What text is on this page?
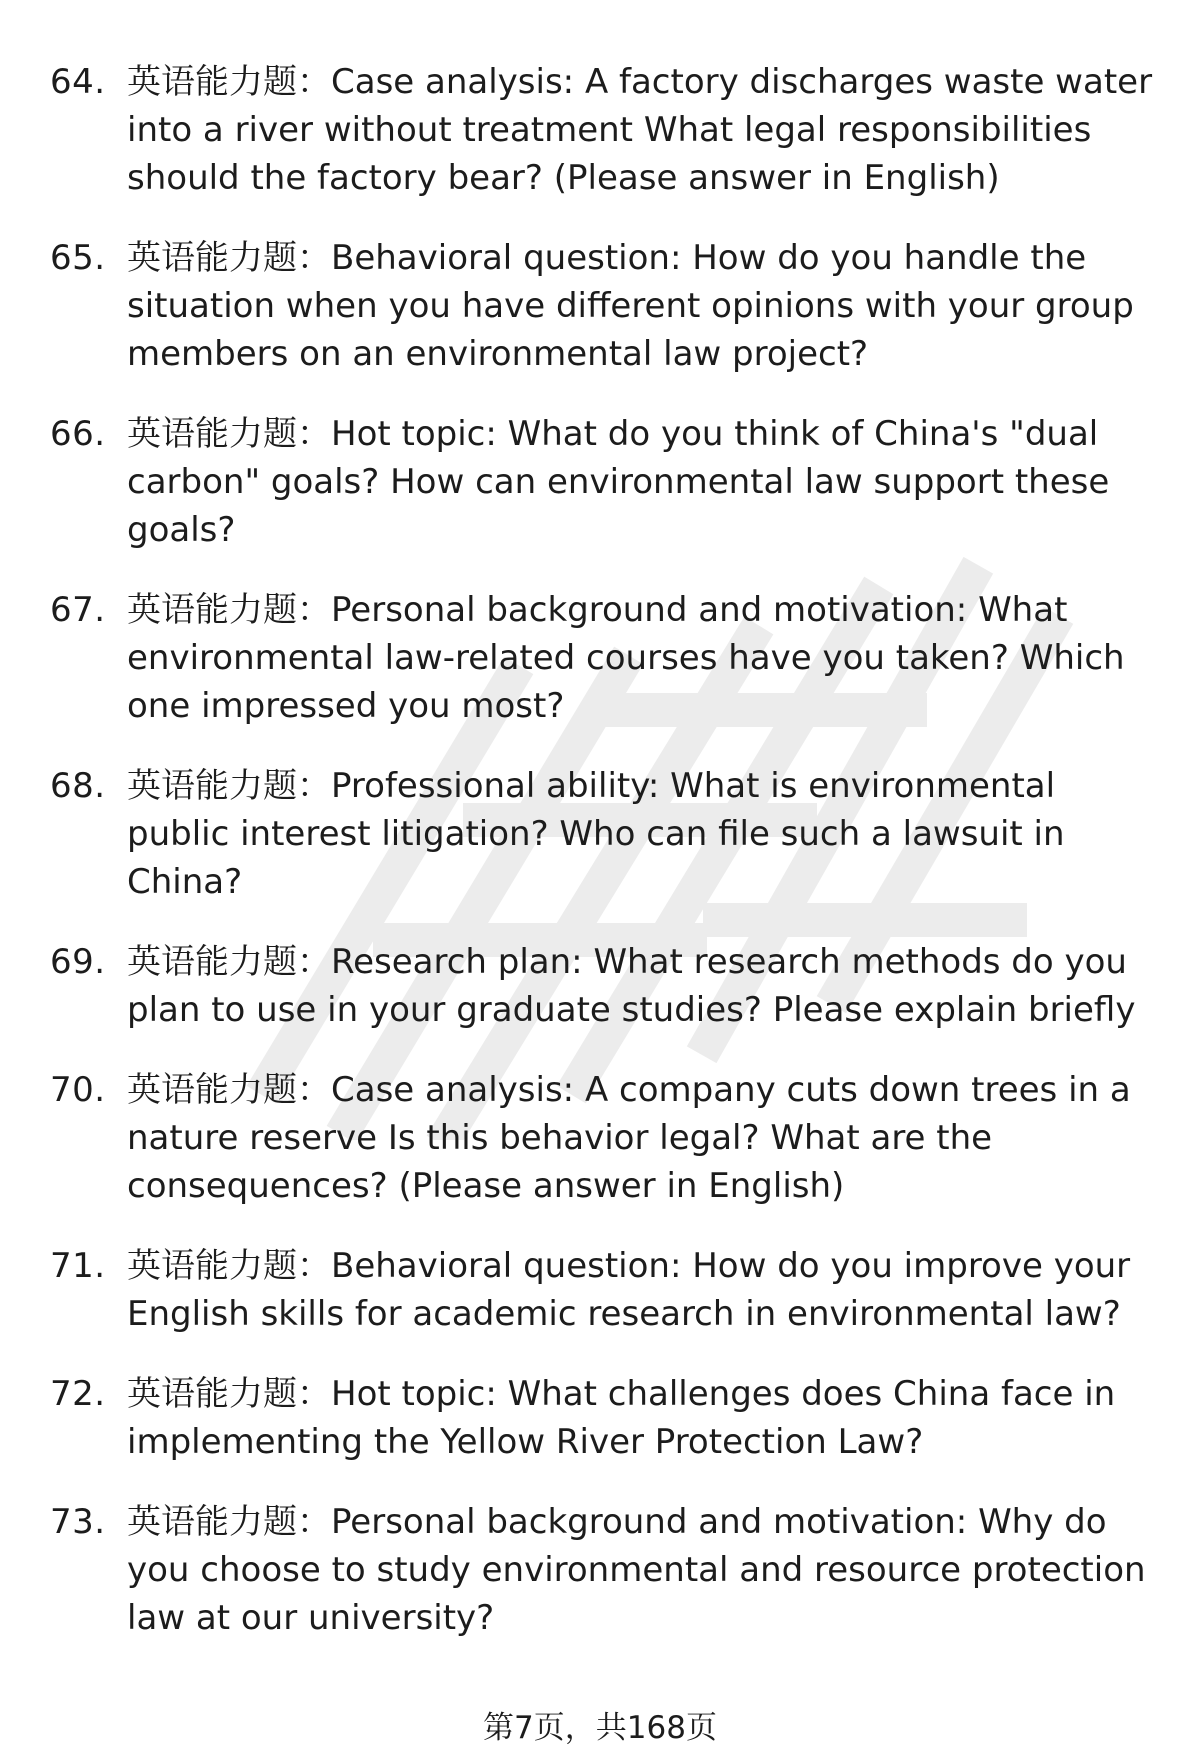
64. 英语能力题：Case analysis: A factory discharges waste water into a river without treatment What legal responsibilities should the factory bear? (Please answer in English)
65. 英语能力题：Behavioral question: How do you handle the situation when you have different opinions with your group members on an environmental law project?
66. 英语能力题：Hot topic: What do you think of China's "dual carbon" goals? How can environmental law support these goals?
67. 英语能力题：Personal background and motivation: What environmental law-related courses have you taken? Which one impressed you most?
68. 英语能力题：Professional ability: What is environmental public interest litigation? Who can file such a lawsuit in China?
69. 英语能力题：Research plan: What research methods do you plan to use in your graduate studies? Please explain briefly
70. 英语能力题：Case analysis: A company cuts down trees in a nature reserve Is this behavior legal? What are the consequences? (Please answer in English)
71. 英语能力题：Behavioral question: How do you improve your English skills for academic research in environmental law?
72. 英语能力题：Hot topic: What challenges does China face in implementing the Yellow River Protection Law?
73. 英语能力题：Personal background and motivation: Why do you choose to study environmental and resource protection law at our university?
第7页，共168页
